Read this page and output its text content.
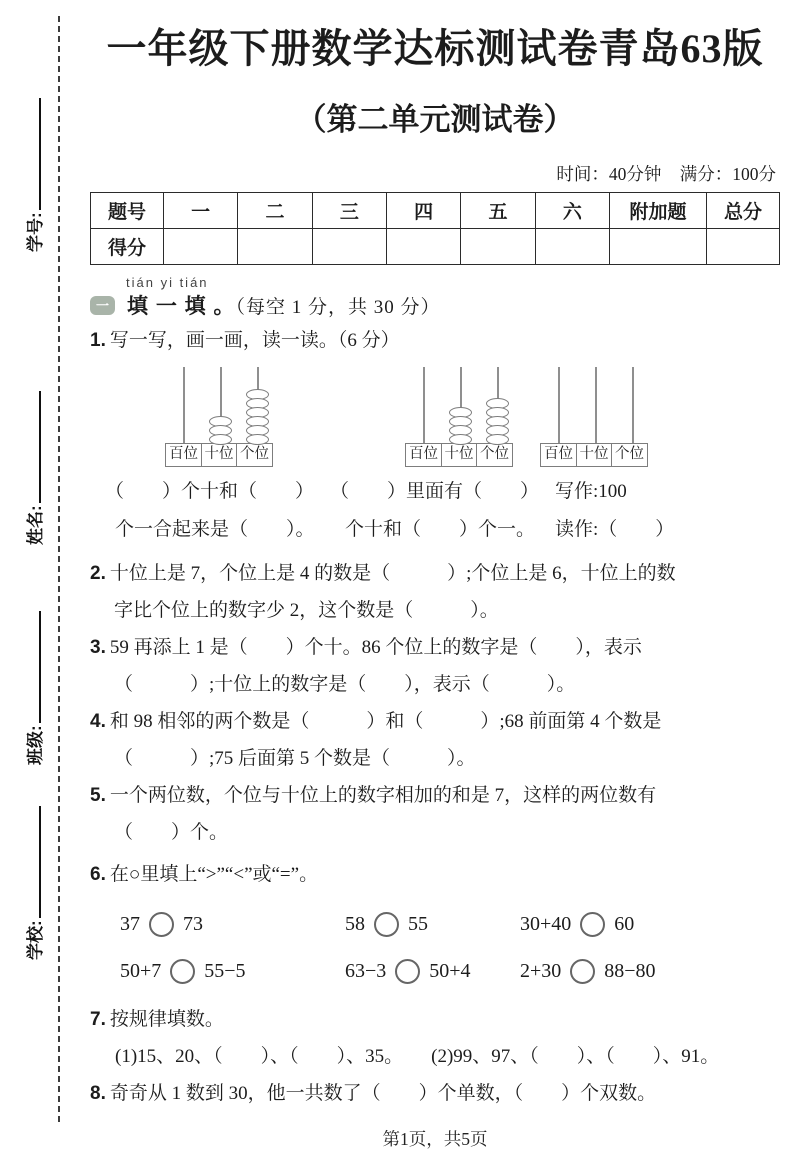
学号:
姓名:
班级:
学校:
一年级下册数学达标测试卷青岛63版
（第二单元测试卷）
时间：40分钟 满分：100分
题号	一	二	三	四	五	六	附加题	总分
得分								
tián yi tián
一 填 一 填 。（每空 1 分，共 30 分）
1. 写一写，画一画，读一读。（6 分）
百位 十位 个位	百位 十位 个位 百位 十位 个位
（　　）个十和（　　） （　　）里面有（　　） 写作:100
个一合起来是（　　）。 个十和（　　）个一。 读作:（　　）
2. 十位上是 7，个位上是 4 的数是（　　　）;个位上是 6，十位上的数
字比个位上的数字少 2，这个数是（　　　）。
3. 59 再添上 1 是（　　）个十。86 个位上的数字是（　　），表示
（　　　）;十位上的数字是（　　），表示（　　　）。
4. 和 98 相邻的两个数是（　　　）和（　　　）;68 前面第 4 个数是
（　　　）;75 后面第 5 个数是（　　　）。
5. 一个两位数，个位与十位上的数字相加的和是 7，这样的两位数有
（　　）个。
6. 在○里填上“>”“<”或“=”。
37 73	58 55	30+40 60
50+7 55−5	63−3 50+4	2+30 88−80
7. 按规律填数。
(1)15、20、（　　）、（　　）、35。 (2)99、97、（　　）、（　　）、91。
8. 奇奇从 1 数到 30，他一共数了（　　）个单数，（　　）个双数。
第1页，共5页
